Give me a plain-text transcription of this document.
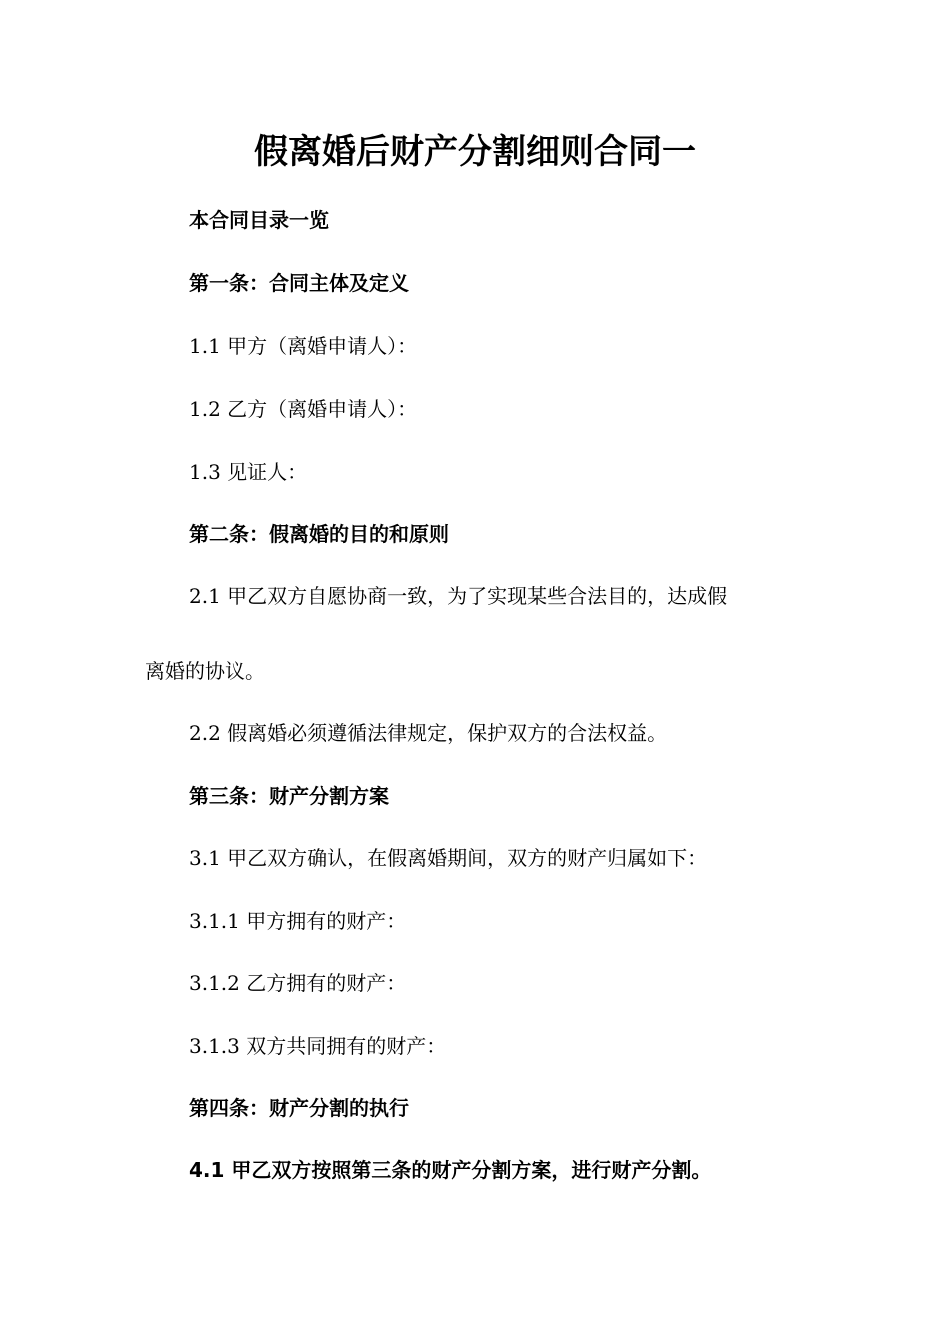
假离婚后财产分割细则合同一
本合同目录一览
第一条：合同主体及定义
1.1 甲方（离婚申请人）：
1.2 乙方（离婚申请人）：
1.3 见证人：
第二条：假离婚的目的和原则
2.1 甲乙双方自愿协商一致，为了实现某些合法目的，达成假
离婚的协议。
2.2 假离婚必须遵循法律规定，保护双方的合法权益。
第三条：财产分割方案
3.1 甲乙双方确认，在假离婚期间，双方的财产归属如下：
3.1.1 甲方拥有的财产：
3.1.2 乙方拥有的财产：
3.1.3 双方共同拥有的财产：
第四条：财产分割的执行
4.1 甲乙双方按照第三条的财产分割方案，进行财产分割。
